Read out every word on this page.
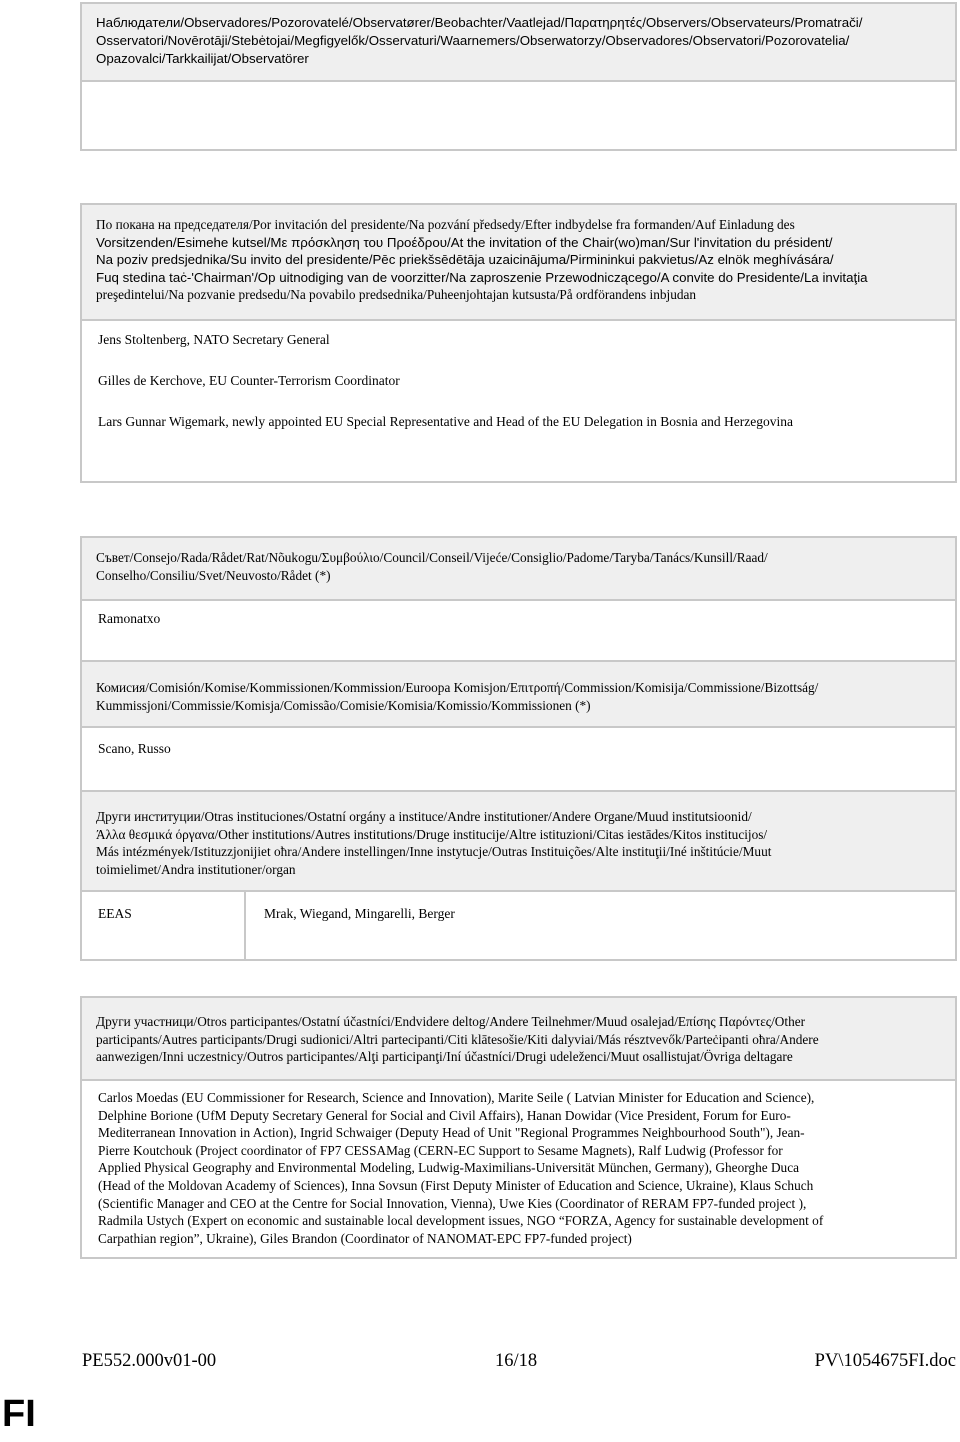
Наблюдатели/Observadores/Pozorovatelé/Observatører/Beobachter/Vaatlejad/Παρατηρητές/Observers/Observateurs/Promatrači/
Osservatori/Novērotāji/Stebėtojai/Megfigyelők/Osservaturi/Waarnemers/Obserwatorzy/Observadores/Observatori/Pozorovatelia/
Opazovalci/Tarkkailijat/Observatörer
По покана на председателя/Por invitación del presidente/Na pozvání předsedy/Efter indbydelse fra formanden/Auf Einladung des
Vorsitzenden/Esimehe kutsel/Με πρόσκληση του Προέδρου/At the invitation of the Chair(wo)man/Sur l'invitation du président/
Na poziv predsjednika/Su invito del presidente/Pēc priekšsēdētāja uzaicinājuma/Pirmininkui pakvietus/Az elnök meghívására/
Fuq stedina taċ-'Chairman'/Op uitnodiging van de voorzitter/Na zaproszenie Przewodniczącego/A convite do Presidente/La invitaţia
preşedintelui/Na pozvanie predsedu/Na povabilo predsednika/Puheenjohtajan kutsusta/På ordförandens inbjudan
Jens Stoltenberg, NATO Secretary General
Gilles de Kerchove, EU Counter-Terrorism Coordinator
Lars Gunnar Wigemark, newly appointed EU Special Representative and Head of the EU Delegation in Bosnia and Herzegovina
Съвет/Consejo/Rada/Rådet/Rat/Nõukogu/Συμβούλιο/Council/Conseil/Vijeće/Consiglio/Padome/Taryba/Tanács/Kunsill/Raad/
Conselho/Consiliu/Svet/Neuvosto/Rådet (*)
Ramonatxo
Комисия/Comisión/Komise/Kommissionen/Kommission/Euroopa Komisjon/Επιτροπή/Commission/Komisija/Commissione/Bizottság/
Kummissjoni/Commissie/Komisja/Comissão/Comisie/Komisia/Komissio/Kommissionen (*)
Scano, Russo
Други институции/Otras instituciones/Ostatní orgány a instituce/Andre institutioner/Andere Organe/Muud institutsioonid/
Άλλα θεσμικά όργανα/Other institutions/Autres institutions/Druge institucije/Altre istituzioni/Citas iestādes/Kitos institucijos/
Más intézmények/Istituzzjonijiet oħra/Andere instellingen/Inne instytucje/Outras Instituições/Alte instituţii/Iné inštitúcie/Muut
toimielimet/Andra institutioner/organ
EEAS	Mrak, Wiegand, Mingarelli, Berger
Други участници/Otros participantes/Ostatní účastníci/Endvidere deltog/Andere Teilnehmer/Muud osalejad/Επίσης Παρόντες/Other
participants/Autres participants/Drugi sudionici/Altri partecipanti/Citi klātesošie/Kiti dalyviai/Más résztvevők/Parteċipanti oħra/Andere
aanwezigen/Inni uczestnicy/Outros participantes/Alţi participanţi/Iní účastníci/Drugi udeleženci/Muut osallistujat/Övriga deltagare
Carlos Moedas (EU Commissioner for Research, Science and Innovation), Marite Seile ( Latvian Minister for Education and Science),
Delphine Borione (UfM Deputy Secretary General for Social and Civil Affairs), Hanan Dowidar (Vice President, Forum for Euro-
Mediterranean Innovation in Action), Ingrid Schwaiger (Deputy Head of Unit "Regional Programmes Neighbourhood South"), Jean-
Pierre Koutchouk (Project coordinator of FP7 CESSAMag (CERN-EC Support to Sesame Magnets), Ralf Ludwig (Professor for
Applied Physical Geography and Environmental Modeling, Ludwig-Maximilians-Universität München, Germany), Gheorghe Duca
(Head of the Moldovan Academy of Sciences), Inna Sovsun (First Deputy Minister of Education and Science, Ukraine), Klaus Schuch
(Scientific Manager and CEO at the Centre for Social Innovation, Vienna), Uwe Kies (Coordinator of RERAM FP7-funded project ),
Radmila Ustych (Expert on economic and sustainable local development issues, NGO “FORZA, Agency for sustainable development of
Carpathian region”, Ukraine), Giles Brandon (Coordinator of NANOMAT-EPC FP7-funded project)
PE552.000v01-00	16/18	PV\1054675FI.doc
FI
